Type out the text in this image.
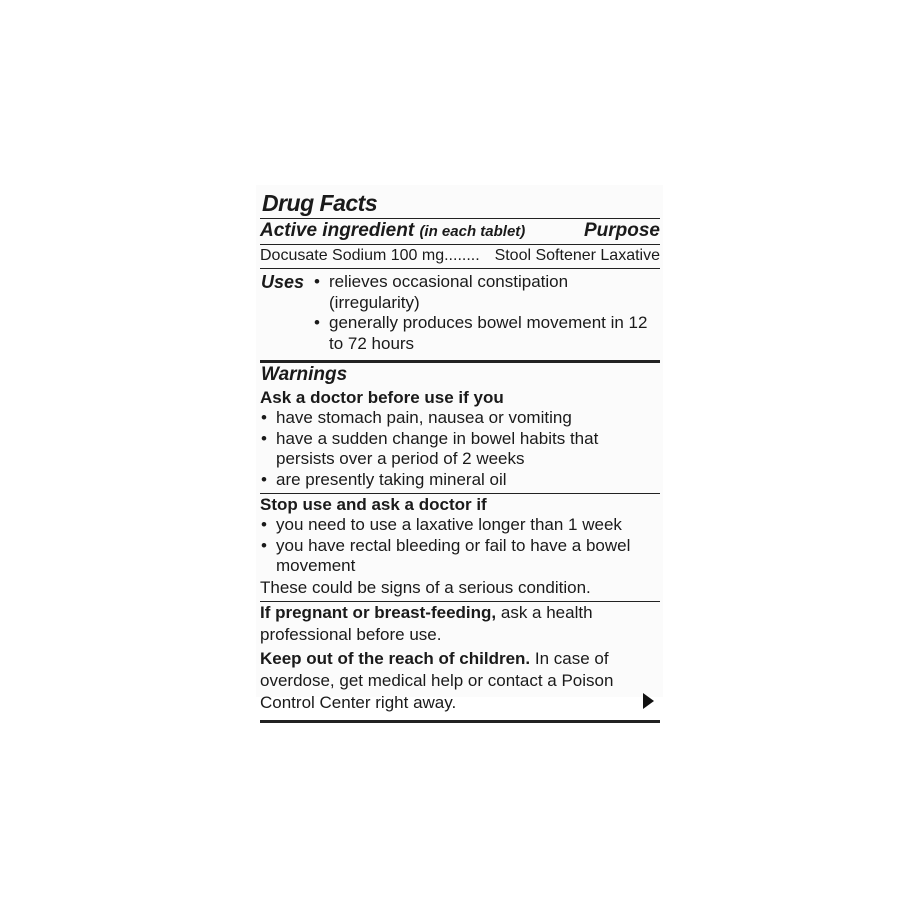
Drug Facts
Active ingredient (in each tablet)	Purpose
Docusate Sodium 100 mg........ Stool Softener Laxative
Uses
•	relieves occasional constipation (irregularity)
• generally produces bowel movement in 12 to 72 hours
Warnings
Ask a doctor before use if you
• have stomach pain, nausea or vomiting
• have a sudden change in bowel habits that persists over a period of 2 weeks
• are presently taking mineral oil
Stop use and ask a doctor if
• you need to use a laxative longer than 1 week
• you have rectal bleeding or fail to have a bowel movement
These could be signs of a serious condition.
If pregnant or breast-feeding, ask a health professional before use.
Keep out of the reach of children. In case of overdose, get medical help or contact a Poison Control Center right away.
